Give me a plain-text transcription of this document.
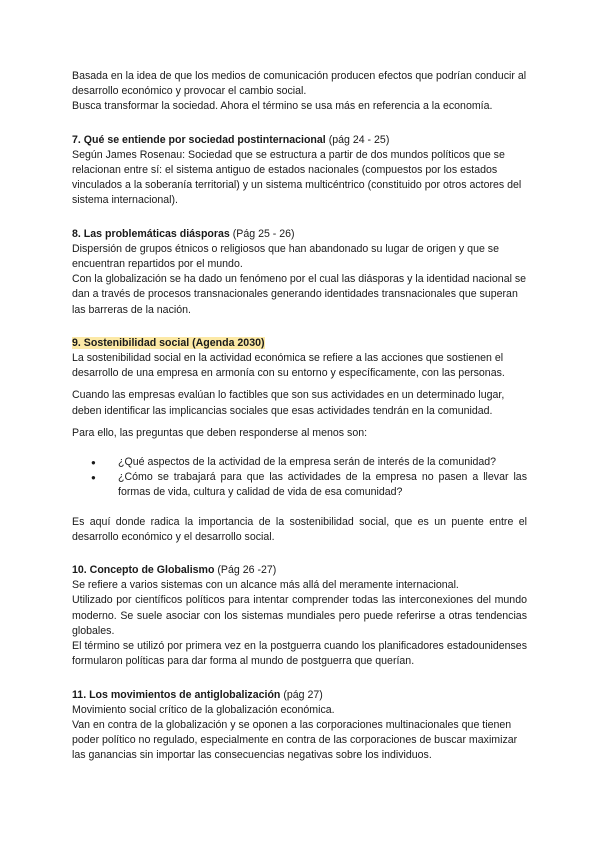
Basada en la idea de que los medios de comunicación producen efectos que podrían conducir al desarrollo económico y provocar el cambio social.

Busca transformar la sociedad. Ahora el término se usa más en referencia a la economía.

7. Qué se entiende por sociedad postinternacional (pág 24 - 25)

Según James Rosenau: Sociedad que se estructura a partir de dos mundos políticos que se relacionan entre sí: el sistema antiguo de estados nacionales (compuestos por los estados vinculados a la soberanía territorial) y un sistema multicéntrico (constituido por otros actores del sistema internacional).

8. Las problemáticas diásporas (Pág 25 - 26)

Dispersión de grupos étnicos o religiosos que han abandonado su lugar de origen y que se encuentran repartidos por el mundo.

Con la globalización se ha dado un fenómeno por el cual las diásporas y la identidad nacional se dan a través de procesos transnacionales generando identidades transnacionales que superan las barreras de la nación.

9. Sostenibilidad social (Agenda 2030)

La sostenibilidad social en la actividad económica se refiere a las acciones que sostienen el desarrollo de una empresa en armonía con su entorno y específicamente, con las personas.

Cuando las empresas evalúan lo factibles que son sus actividades en un determinado lugar, deben identificar las implicancias sociales que esas actividades tendrán en la comunidad.

Para ello, las preguntas que deben responderse al menos son:

● ¿Qué aspectos de la actividad de la empresa serán de interés de la comunidad?
● ¿Cómo se trabajará para que las actividades de la empresa no pasen a llevar las formas de vida, cultura y calidad de vida de esa comunidad?

Es aquí donde radica la importancia de la sostenibilidad social, que es un puente entre el desarrollo económico y el desarrollo social.

10. Concepto de Globalismo (Pág 26 -27)

Se refiere a varios sistemas con un alcance más allá del meramente internacional.

Utilizado por científicos políticos para intentar comprender todas las interconexiones del mundo moderno. Se suele asociar con los sistemas mundiales pero puede referirse a otras tendencias globales.

El término se utilizó por primera vez en la postguerra cuando los planificadores estadounidenses formularon políticas para dar forma al mundo de postguerra que querían.

11. Los movimientos de antiglobalización (pág 27)

Movimiento social crítico de la globalización económica.

Van en contra de la globalización y se oponen a las corporaciones multinacionales que tienen poder político no regulado, especialmente en contra de las corporaciones de buscar maximizar las ganancias sin importar las consecuencias negativas sobre los individuos.
